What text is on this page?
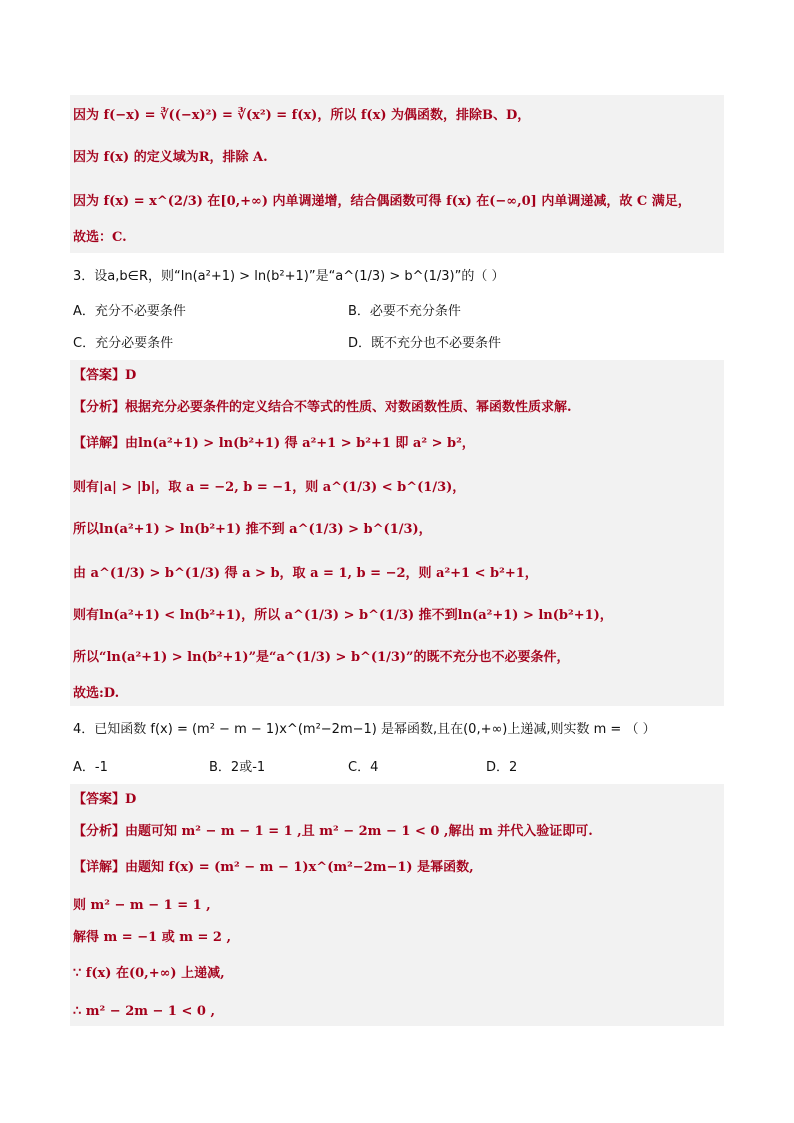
因为 f(−x) = ∛((−x)²) = ∛(x²) = f(x)，所以 f(x) 为偶函数，排除B、D，
因为 f(x) 的定义域为R，排除 A.
因为 f(x) = x^(2/3) 在[0,+∞) 内单调递增，结合偶函数可得 f(x) 在(−∞,0] 内单调递减，故 C 满足，
故选：C.
3．设a,b∈R，则“ln(a²+1) > ln(b²+1)”是“a^(1/3) > b^(1/3)”的（ ）
A．充分不必要条件	B．必要不充分条件
C．充分必要条件	D．既不充分也不必要条件
【答案】D
【分析】根据充分必要条件的定义结合不等式的性质、对数函数性质、幂函数性质求解.
【详解】由ln(a²+1) > ln(b²+1) 得 a²+1 > b²+1 即 a² > b²，
则有|a| > |b|，取 a = −2, b = −1，则 a^(1/3) < b^(1/3)，
所以ln(a²+1) > ln(b²+1) 推不到 a^(1/3) > b^(1/3)，
由 a^(1/3) > b^(1/3) 得 a > b，取 a = 1, b = −2，则 a²+1 < b²+1，
则有ln(a²+1) < ln(b²+1)，所以 a^(1/3) > b^(1/3) 推不到ln(a²+1) > ln(b²+1)，
所以“ln(a²+1) > ln(b²+1)”是“a^(1/3) > b^(1/3)”的既不充分也不必要条件，
故选:D.
4．已知函数 f(x) = (m² − m − 1)x^(m²−2m−1) 是幂函数,且在(0,+∞)上递减,则实数 m = （ ）
A．-1	B．2或-1	C．4	D．2
【答案】D
【分析】由题可知 m² − m − 1 = 1 ,且 m² − 2m − 1 < 0 ,解出 m 并代入验证即可.
【详解】由题知 f(x) = (m² − m − 1)x^(m²−2m−1) 是幂函数,
则 m² − m − 1 = 1 ,
解得 m = −1 或 m = 2 ,
∵ f(x) 在(0,+∞) 上递减,
∴ m² − 2m − 1 < 0 ,
